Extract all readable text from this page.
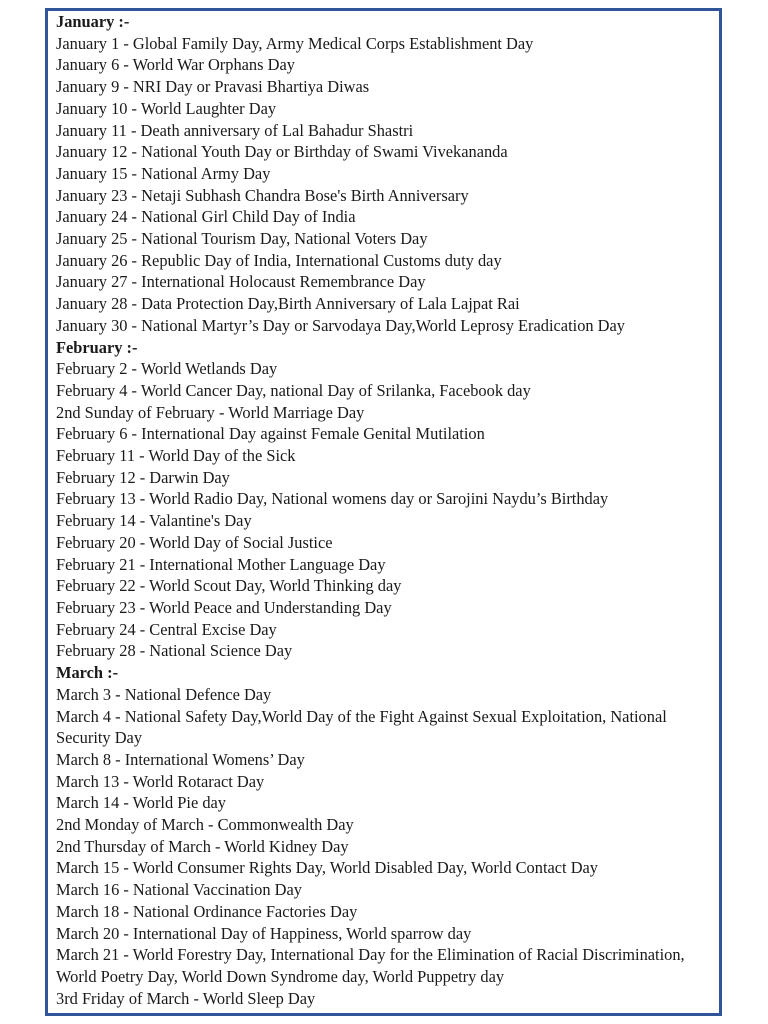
January :-
January 1 - Global Family Day, Army Medical Corps Establishment Day
January 6 - World War Orphans Day
January 9 - NRI Day or Pravasi Bhartiya Diwas
January 10 - World Laughter Day
January 11 - Death anniversary of Lal Bahadur Shastri
January 12 - National Youth Day or Birthday of Swami Vivekananda
January 15 - National Army Day
January 23 - Netaji Subhash Chandra Bose's Birth Anniversary
January 24 - National Girl Child Day of India
January 25 - National Tourism Day, National Voters Day
January 26 - Republic Day of India, International Customs duty day
January 27 - International Holocaust Remembrance Day
January 28 - Data Protection Day,Birth Anniversary of Lala Lajpat Rai
January 30 - National Martyr’s Day or Sarvodaya Day,World Leprosy Eradication Day
February :-
February 2 - World Wetlands Day
February 4 - World Cancer Day, national Day of Srilanka, Facebook day
2nd Sunday of February - World Marriage Day
February 6 - International Day against Female Genital Mutilation
February 11 - World Day of the Sick
February 12 - Darwin Day
February 13 - World Radio Day, National womens day or Sarojini Naydu’s Birthday
February 14 - Valantine's Day
February 20 - World Day of Social Justice
February 21 - International Mother Language Day
February 22 - World Scout Day, World Thinking day
February 23 - World Peace and Understanding Day
February 24 - Central Excise Day
February 28 - National Science Day
March :-
March 3 - National Defence Day
March 4 - National Safety Day,World Day of the Fight Against Sexual Exploitation, National Security Day
March 8 - International Womens’ Day
March 13 - World Rotaract Day
March 14 - World Pie day
2nd Monday of March - Commonwealth Day
2nd Thursday of March - World Kidney Day
March 15 - World Consumer Rights Day, World Disabled Day, World Contact Day
March 16 - National Vaccination Day
March 18 - National Ordinance Factories Day
March 20 - International Day of Happiness, World sparrow day
March 21 - World Forestry Day, International Day for the Elimination of Racial Discrimination, World Poetry Day, World Down Syndrome day, World Puppetry day
3rd Friday of March - World Sleep Day
